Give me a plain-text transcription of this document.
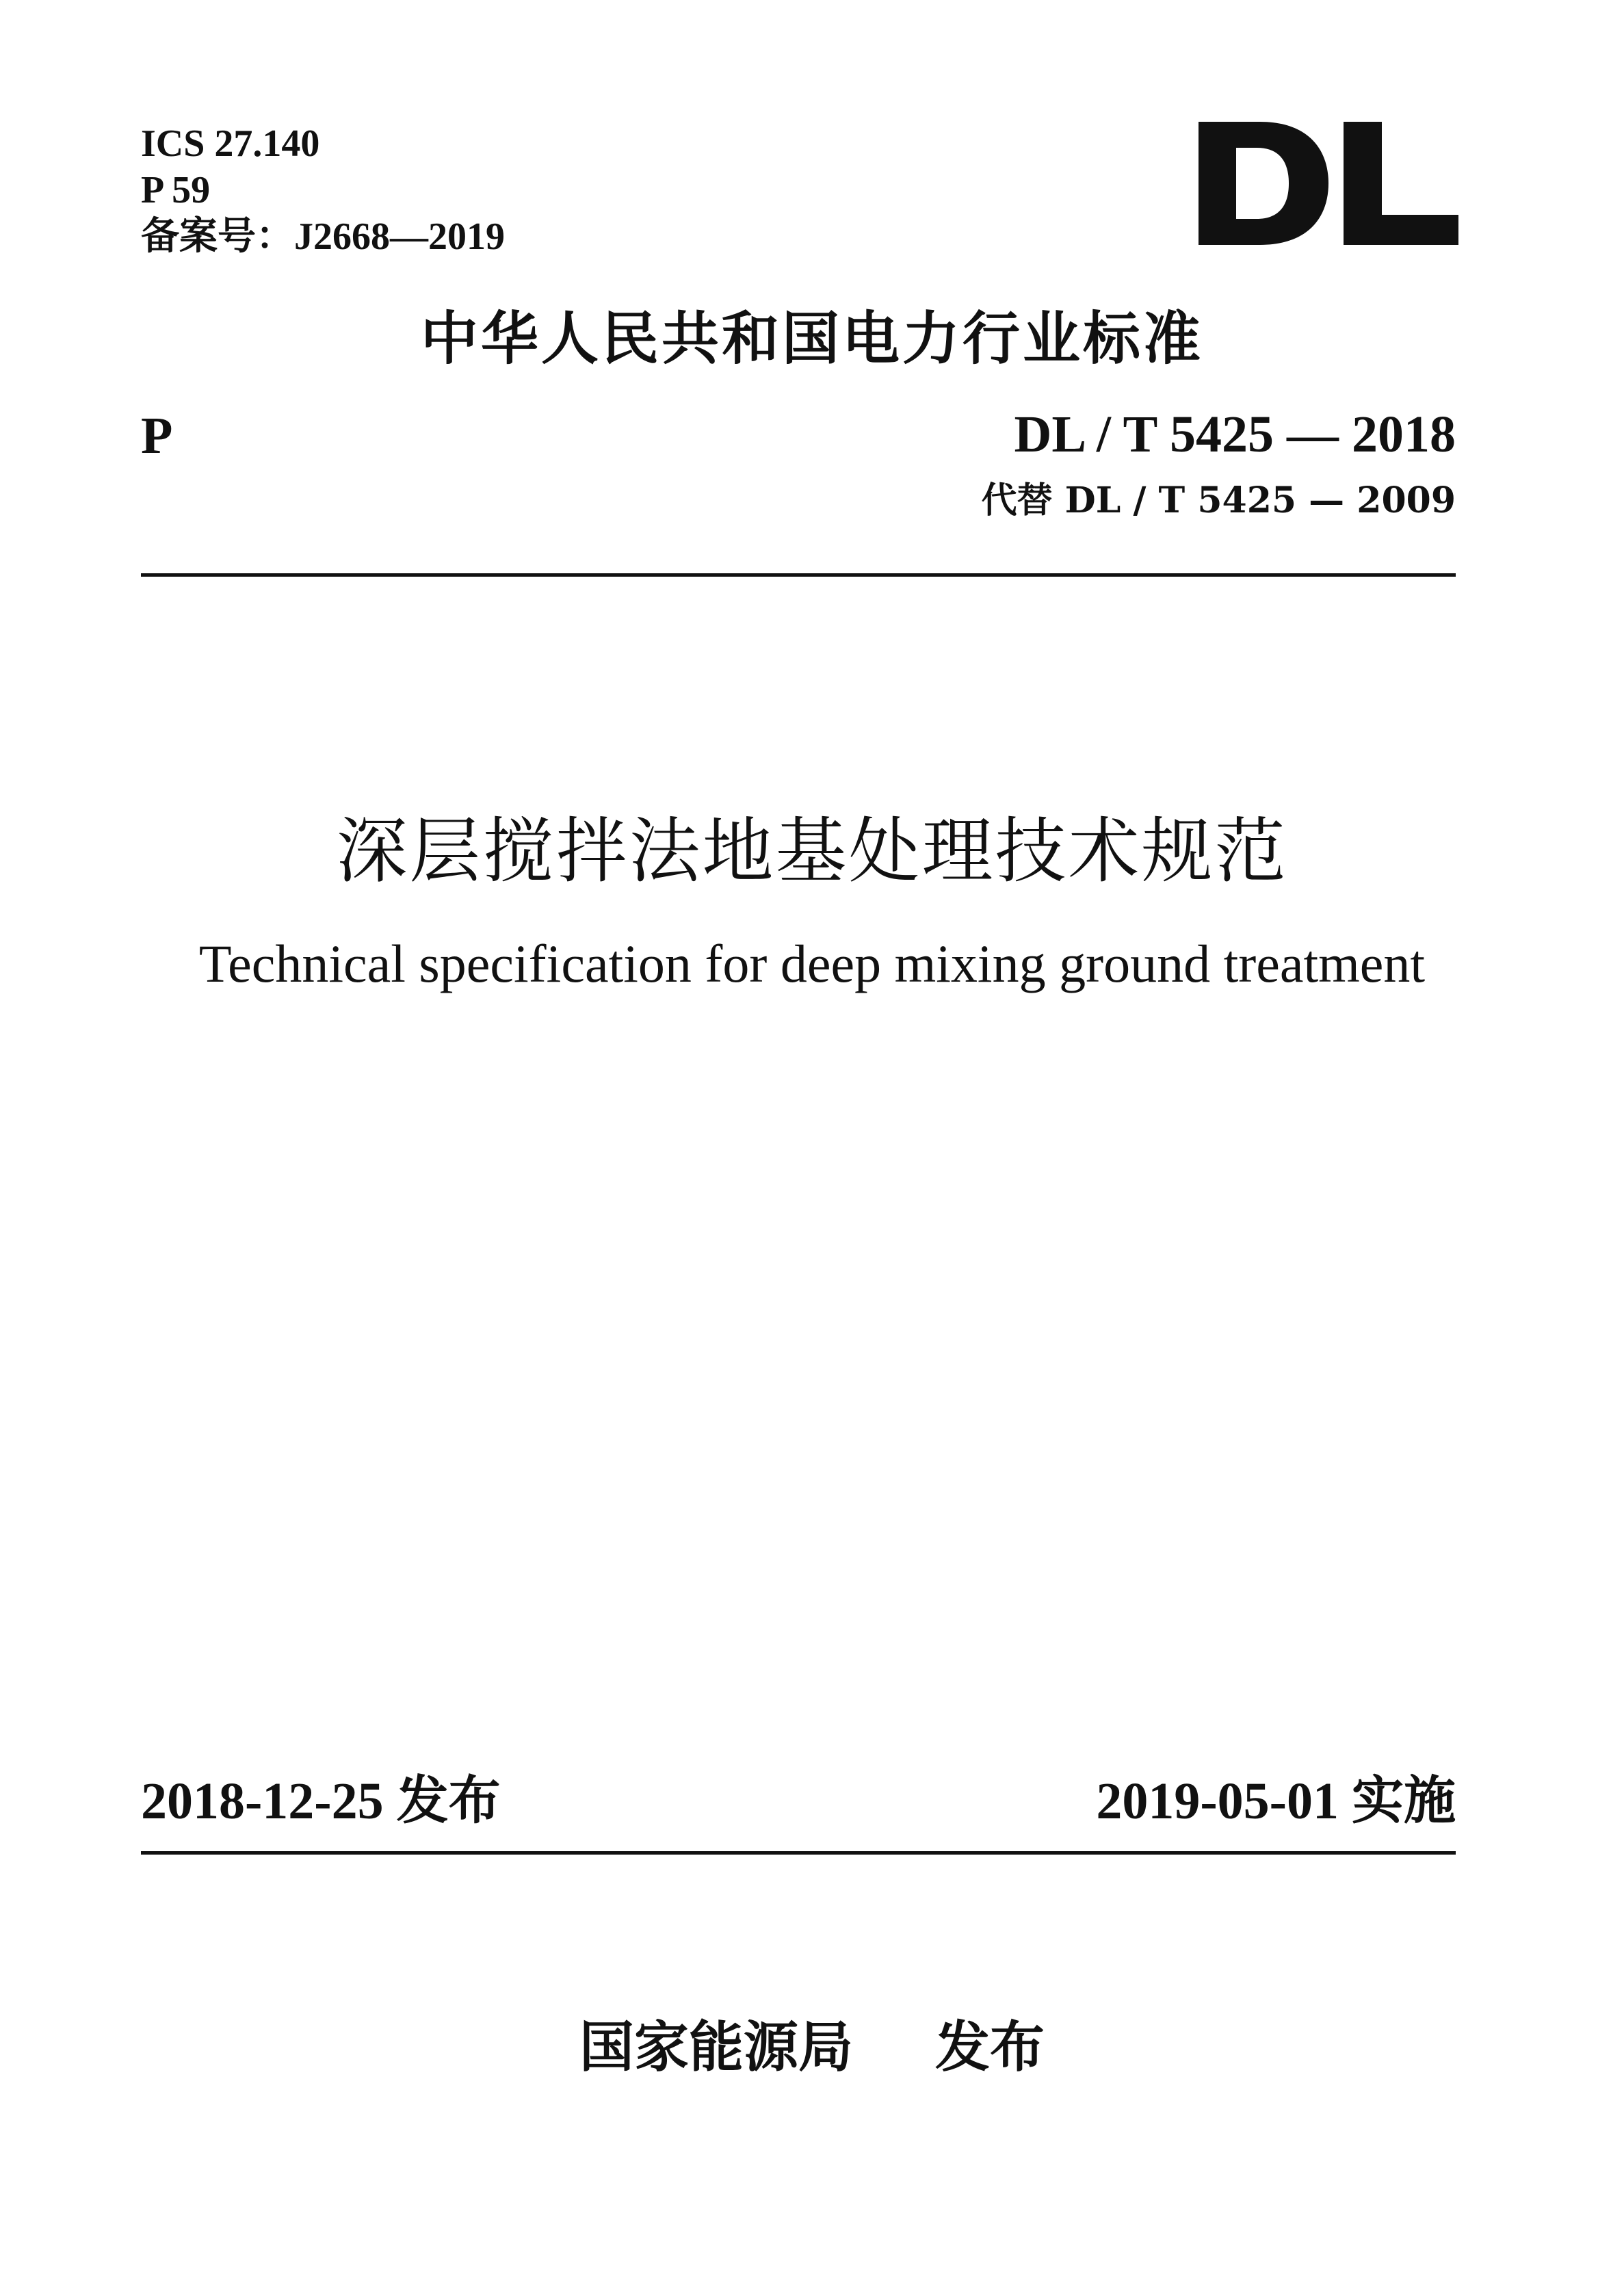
ICS 27.140
P 59
备案号：J2668—2019
中华人民共和国电力行业标准
P	DL / T 5425 — 2018
代替 DL / T 5425 — 2009
深层搅拌法地基处理技术规范
Technical specification for deep mixing ground treatment
2018-12-25 发布	2019-05-01 实施
国家能源局 发布
